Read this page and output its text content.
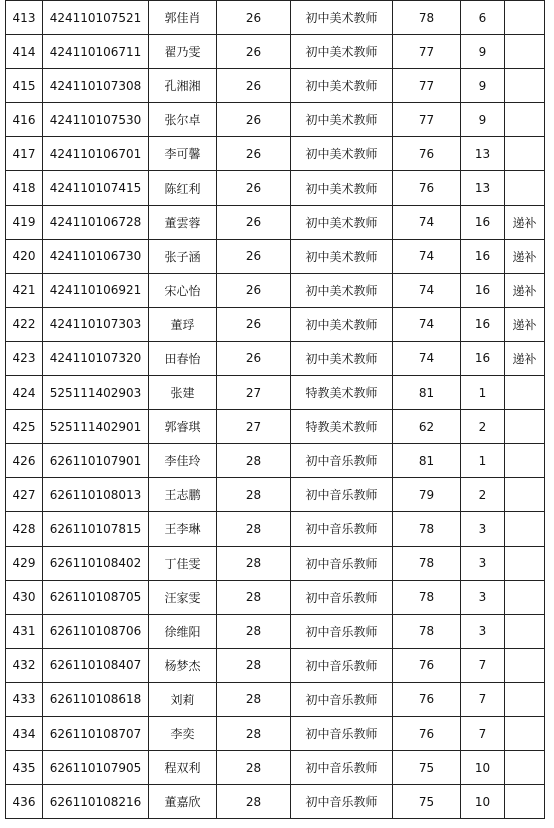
413	424110107521	郭佳肖	26	初中美术教师	78	6	
414	424110106711	翟乃雯	26	初中美术教师	77	9	
415	424110107308	孔湘湘	26	初中美术教师	77	9	
416	424110107530	张尔卓	26	初中美术教师	77	9	
417	424110106701	李可馨	26	初中美术教师	76	13	
418	424110107415	陈红利	26	初中美术教师	76	13	
419	424110106728	董雲蓉	26	初中美术教师	74	16	递补
420	424110106730	张子涵	26	初中美术教师	74	16	递补
421	424110106921	宋心怡	26	初中美术教师	74	16	递补
422	424110107303	董琈	26	初中美术教师	74	16	递补
423	424110107320	田春怡	26	初中美术教师	74	16	递补
424	525111402903	张建	27	特教美术教师	81	1	
425	525111402901	郭睿琪	27	特教美术教师	62	2	
426	626110107901	李佳玲	28	初中音乐教师	81	1	
427	626110108013	王志鹏	28	初中音乐教师	79	2	
428	626110107815	王李琳	28	初中音乐教师	78	3	
429	626110108402	丁佳雯	28	初中音乐教师	78	3	
430	626110108705	汪家雯	28	初中音乐教师	78	3	
431	626110108706	徐维阳	28	初中音乐教师	78	3	
432	626110108407	杨梦杰	28	初中音乐教师	76	7	
433	626110108618	刘莉	28	初中音乐教师	76	7	
434	626110108707	李奕	28	初中音乐教师	76	7	
435	626110107905	程双利	28	初中音乐教师	75	10	
436	626110108216	董嘉欣	28	初中音乐教师	75	10	
